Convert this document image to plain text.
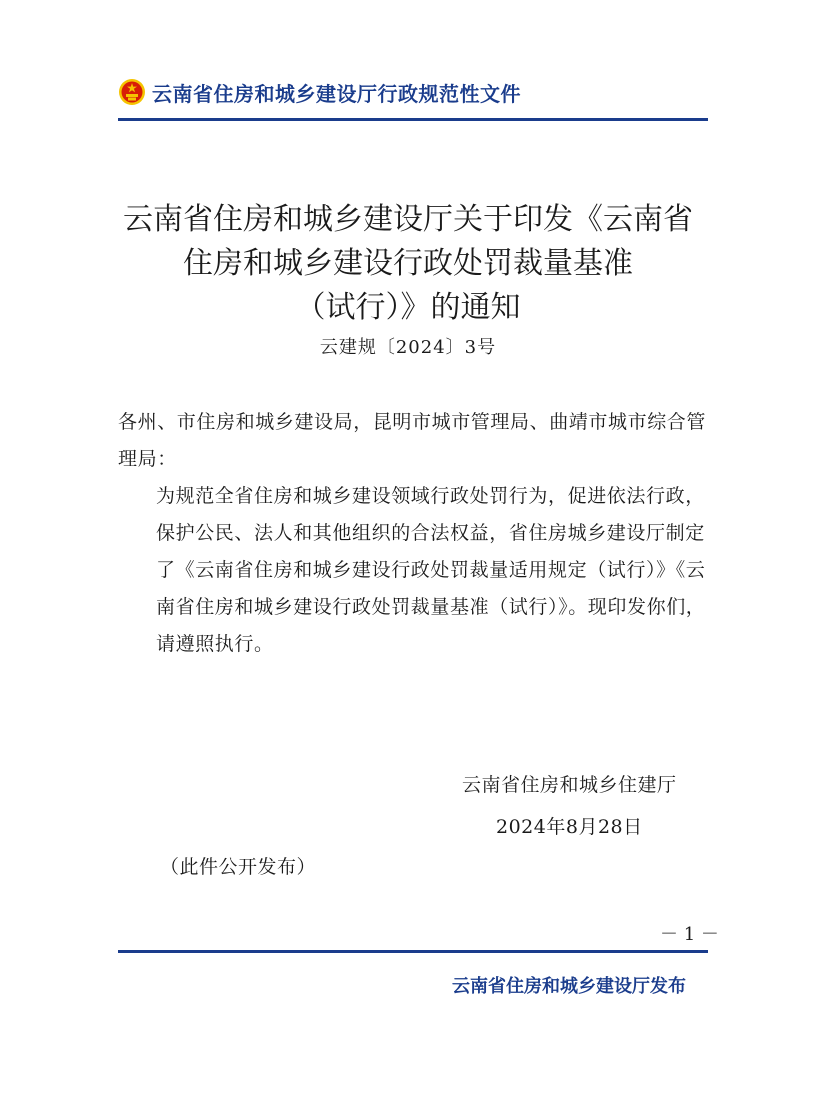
云南省住房和城乡建设厅行政规范性文件
云南省住房和城乡建设厅关于印发《云南省
住房和城乡建设行政处罚裁量基准
（试行）》的通知
云建规〔2024〕3号
各州、市住房和城乡建设局，昆明市城市管理局、曲靖市城市综合管理局：
为规范全省住房和城乡建设领域行政处罚行为，促进依法行政，保护公民、法人和其他组织的合法权益，省住房城乡建设厅制定了《云南省住房和城乡建设行政处罚裁量适用规定（试行）》《云南省住房和城乡建设行政处罚裁量基准（试行）》。现印发你们，请遵照执行。
云南省住房和城乡住建厅
2024年8月28日
（此件公开发布）
－ 1 －
云南省住房和城乡建设厅发布
